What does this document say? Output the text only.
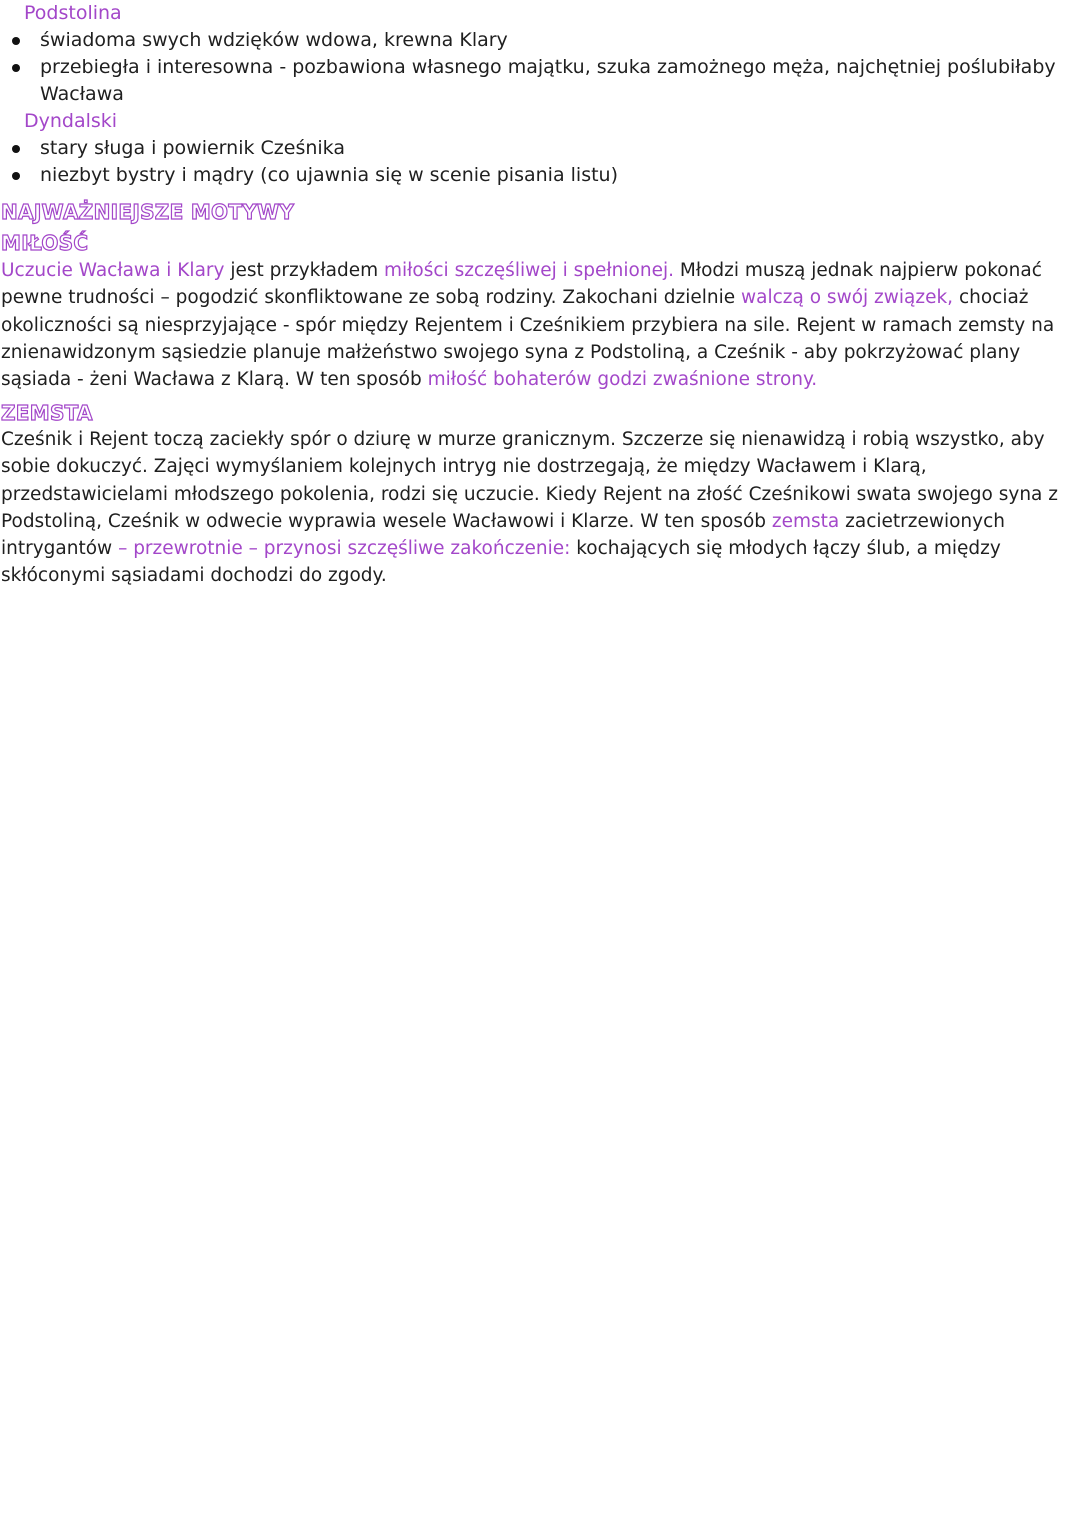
Podstolina
świadoma swych wdzięków wdowa, krewna Klary
przebiegła i interesowna - pozbawiona własnego majątku, szuka zamożnego męża, najchętniej poślubiłaby Wacława
Dyndalski
stary sługa i powiernik Cześnika
niezbyt bystry i mądry (co ujawnia się w scenie pisania listu)
NAJWAŻNIEJSZE MOTYWY
MIŁOŚĆ

Uczucie Wacława i Klary jest przykładem miłości szczęśliwej i spełnionej. Młodzi muszą jednak najpierw pokonać pewne trudności – pogodzić skonfliktowane ze sobą rodziny. Zakochani dzielnie walczą o swój związek, chociaż okoliczności są niesprzyjające - spór między Rejentem i Cześnikiem przybiera na sile. Rejent w ramach zemsty na znienawidzonym sąsiedzie planuje małżeństwo swojego syna z Podstoliną, a Cześnik - aby pokrzyżować plany sąsiada - żeni Wacława z Klarą. W ten sposób miłość bohaterów godzi zwaśnione strony.

ZEMSTA

Cześnik i Rejent toczą zaciekły spór o dziurę w murze granicznym. Szczerze się nienawidzą i robią wszystko, aby sobie dokuczyć. Zajęci wymyślaniem kolejnych intryg nie dostrzegają, że między Wacławem i Klarą, przedstawicielami młodszego pokolenia, rodzi się uczucie. Kiedy Rejent na złość Cześnikowi swata swojego syna z Podstoliną, Cześnik w odwecie wyprawia wesele Wacławowi i Klarze. W ten sposób zemsta zacietrzewionych intrygantów – przewrotnie – przynosi szczęśliwe zakończenie: kochających się młodych łączy ślub, a między skłóconymi sąsiadami dochodzi do zgody.
